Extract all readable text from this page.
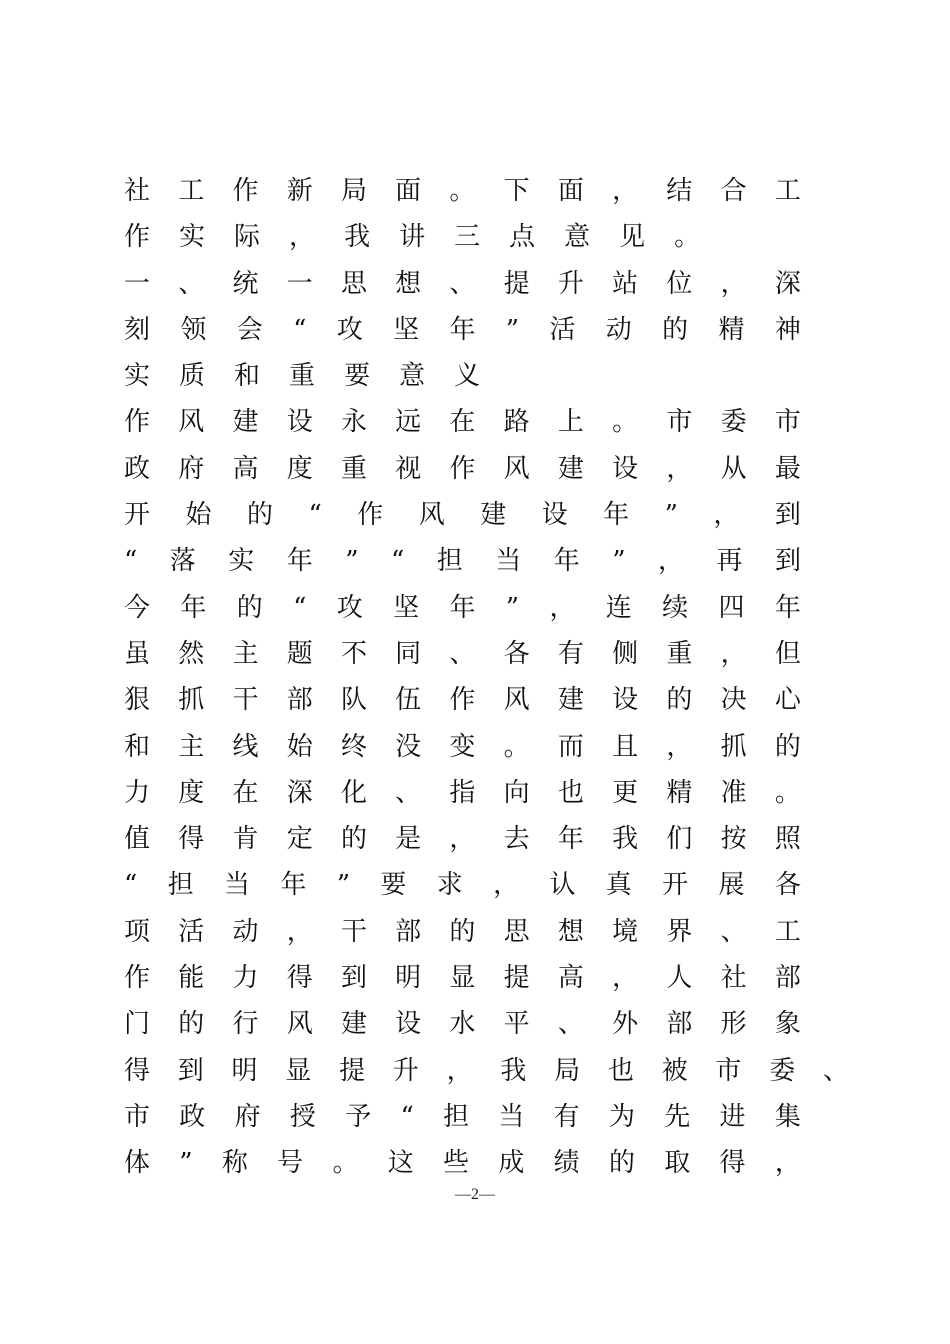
社 工 作 新 局 面 。 下 面 ， 结 合 工
作 实 际 ， 我 讲 三 点 意 见 。
一 、 统 一 思 想 、 提 升 站 位 ， 深
刻 领 会 “ 攻 坚 年 ” 活 动 的 精 神
实 质 和 重 要 意 义
作 风 建 设 永 远 在 路 上 。 市 委 市
政 府 高 度 重 视 作 风 建 设 ， 从 最
开 始 的 “ 作 风 建 设 年 ” ， 到
“ 落 实 年 ” “ 担 当 年 ” ， 再 到
今 年 的 “ 攻 坚 年 ” ， 连 续 四 年
虽 然 主 题 不 同 、 各 有 侧 重 ， 但
狠 抓 干 部 队 伍 作 风 建 设 的 决 心
和 主 线 始 终 没 变 。 而 且 ， 抓 的
力 度 在 深 化 、 指 向 也 更 精 准 。
值 得 肯 定 的 是 ， 去 年 我 们 按 照
“ 担 当 年 ” 要 求 ， 认 真 开 展 各
项 活 动 ， 干 部 的 思 想 境 界 、 工
作 能 力 得 到 明 显 提 高 ， 人 社 部
门 的 行 风 建 设 水 平 、 外 部 形 象
得 到 明 显 提 升 ， 我 局 也 被 市 委 、
市 政 府 授 予 “ 担 当 有 为 先 进 集
体 ” 称 号 。 这 些 成 绩 的 取 得 ，
—2—
